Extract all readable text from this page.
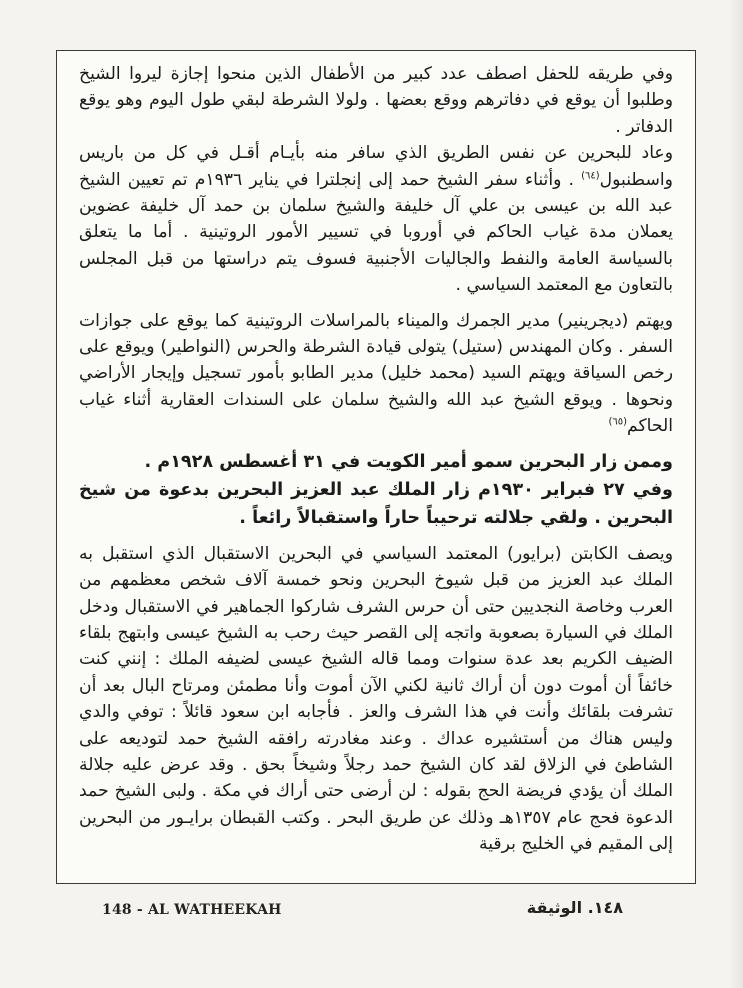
وفي طريقه للحفل اصطف عدد كبير من الأطفال الذين منحوا إجازة ليروا الشيخ وطلبوا أن يوقع في دفاترهم ووقع بعضها . ولولا الشرطة لبقي طول اليوم وهو يوقع الدفاتر .

وعاد للبحرين عن نفس الطريق الذي سافر منه بأيـام أقـل في كل من باريس واسطنبول$^{(٦٤)}$ . وأثناء سفر الشيخ حمد إلى إنجلترا في يناير ١٩٣٦م تم تعيين الشيخ عبد الله بن عيسى بن علي آل خليفة والشيخ سلمان بن حمد آل خليفة عضوين يعملان مدة غياب الحاكم في أوروبا في تسيير الأمور الروتينية . أما ما يتعلق بالسياسة العامة والنفط والجاليات الأجنبية فسوف يتم دراستها من قبل المجلس بالتعاون مع المعتمد السياسي .

ويهتم (ديجرينير) مدير الجمرك والميناء بالمراسلات الروتينية كما يوقع على جوازات السفر . وكان المهندس (ستيل) يتولى قيادة الشرطة والحرس (النواطير) ويوقع على رخص السياقة ويهتم السيد (محمد خليل) مدير الطابو بأمور تسجيل وإيجار الأراضي ونحوها . ويوقع الشيخ عبد الله والشيخ سلمان على السندات العقارية أثناء غياب الحاكم$^{(٦٥)}$

وممن زار البحرين سمو أمير الكويت في ٣١ أغسطس ١٩٢٨م .

وفي ٢٧ فبراير ١٩٣٠م زار الملك عبد العزيز البحرين بدعوة من شيخ البحرين . ولقي جلالته ترحيباً حاراً واستقبالاً رائعاً .

ويصف الكابتن (برايور) المعتمد السياسي في البحرين الاستقبال الذي استقبل به الملك عبد العزيز من قبل شيوخ البحرين ونحو خمسة آلاف شخص معظمهم من العرب وخاصة النجديين حتى أن حرس الشرف شاركوا الجماهير في الاستقبال ودخل الملك في السيارة بصعوبة واتجه إلى القصر حيث رحب به الشيخ عيسى وابتهج بلقاء الضيف الكريم بعد عدة سنوات ومما قاله الشيخ عيسى لضيفه الملك : إنني كنت خائفاً أن أموت دون أن أراك ثانية لكني الآن أموت وأنا مطمئن ومرتاح البال بعد أن تشرفت بلقائك وأنت في هذا الشرف والعز . فأجابه ابن سعود قائلاً : توفي والدي وليس هناك من أستشيره عداك . وعند مغادرته رافقه الشيخ حمد لتوديعه على الشاطئ في الزلاق لقد كان الشيخ حمد رجلاً وشيخاً بحق . وقد عرض عليه جلالة الملك أن يؤدي فريضة الحج بقوله : لن أرضى حتى أراك في مكة . ولبى الشيخ حمد الدعوة فحج عام ١٣٥٧هـ وذلك عن طريق البحر . وكتب القبطان برايـور من البحرين إلى المقيم في الخليج برقية

148 - AL WATHEEKAH	١٤٨. الوثيقة
